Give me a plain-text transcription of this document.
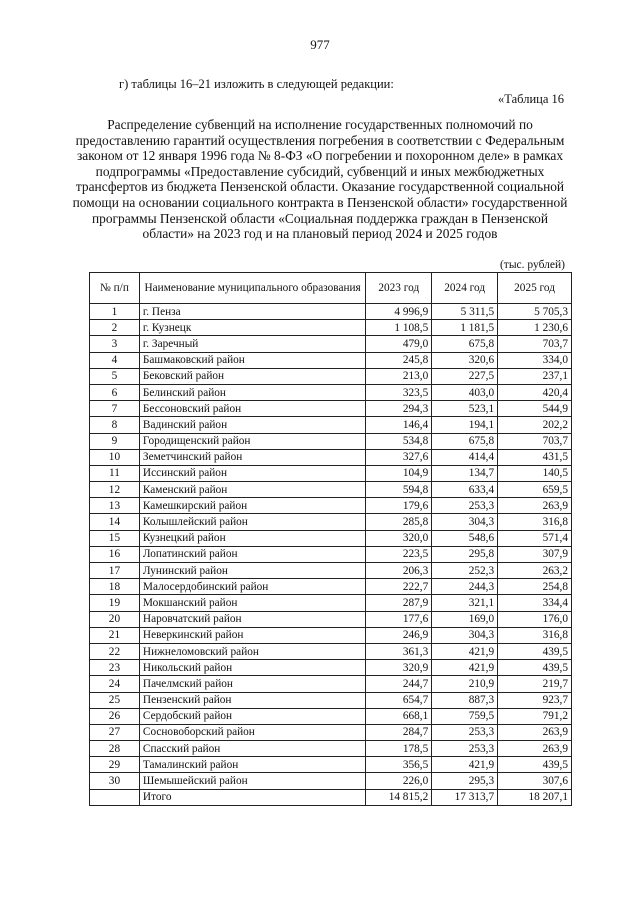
977
г) таблицы 16–21 изложить в следующей редакции:
«Таблица 16
Распределение субвенций на исполнение государственных полномочий по предоставлению гарантий осуществления погребения в соответствии с Федеральным законом от 12 января 1996 года № 8-ФЗ «О погребении и похоронном деле» в рамках подпрограммы «Предоставление субсидий, субвенций и иных межбюджетных трансфертов из бюджета Пензенской области. Оказание государственной социальной помощи на основании социального контракта в Пензенской области» государственной программы Пензенской области «Социальная поддержка граждан в Пензенской области» на 2023 год и на плановый период 2024 и 2025 годов
(тыс. рублей)
№ п/п	Наименование муниципального образования	2023 год	2024 год	2025 год
1	г. Пенза	4 996,9	5 311,5	5 705,3
2	г. Кузнецк	1 108,5	1 181,5	1 230,6
3	г. Заречный	479,0	675,8	703,7
4	Башмаковский район	245,8	320,6	334,0
5	Бековский район	213,0	227,5	237,1
6	Белинский район	323,5	403,0	420,4
7	Бессоновский район	294,3	523,1	544,9
8	Вадинский район	146,4	194,1	202,2
9	Городищенский район	534,8	675,8	703,7
10	Земетчинский район	327,6	414,4	431,5
11	Иссинский район	104,9	134,7	140,5
12	Каменский район	594,8	633,4	659,5
13	Камешкирский район	179,6	253,3	263,9
14	Колышлейский район	285,8	304,3	316,8
15	Кузнецкий район	320,0	548,6	571,4
16	Лопатинский район	223,5	295,8	307,9
17	Лунинский район	206,3	252,3	263,2
18	Малосердобинский район	222,7	244,3	254,8
19	Мокшанский район	287,9	321,1	334,4
20	Наровчатский район	177,6	169,0	176,0
21	Неверкинский район	246,9	304,3	316,8
22	Нижнеломовский район	361,3	421,9	439,5
23	Никольский район	320,9	421,9	439,5
24	Пачелмский район	244,7	210,9	219,7
25	Пензенский район	654,7	887,3	923,7
26	Сердобский район	668,1	759,5	791,2
27	Сосновоборский район	284,7	253,3	263,9
28	Спасский район	178,5	253,3	263,9
29	Тамалинский район	356,5	421,9	439,5
30	Шемышейский район	226,0	295,3	307,6
	Итого	14 815,2	17 313,7	18 207,1
